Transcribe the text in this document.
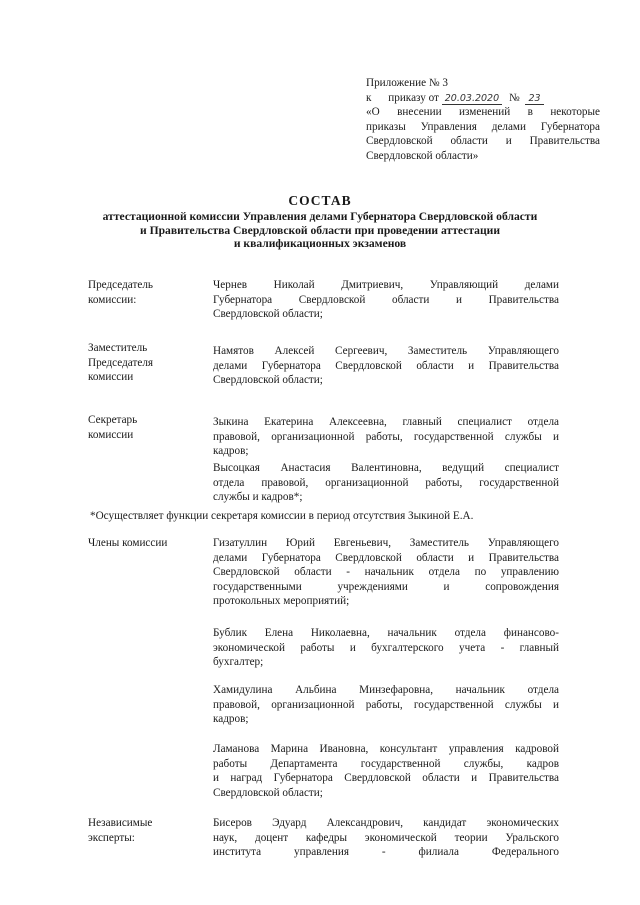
Приложение № 3
к приказу от 20.03.2020 № 23
«О внесении изменений в некоторые
приказы Управления делами Губернатора
Свердловской области и Правительства
Свердловской области»
СОСТАВ
аттестационной комиссии Управления делами Губернатора Свердловской области
и Правительства Свердловской области при проведении аттестации
и квалификационных экзаменов
Председатель
комиссии:
Чернев Николай Дмитриевич, Управляющий делами
Губернатора Свердловской области и Правительства
Свердловской области;
Заместитель
Председателя
комиссии
Намятов Алексей Сергеевич, Заместитель Управляющего
делами Губернатора Свердловской области и Правительства
Свердловской области;
Секретарь
комиссии
Зыкина Екатерина Алексеевна, главный специалист отдела
правовой, организационной работы, государственной службы и
кадров;
Высоцкая Анастасия Валентиновна, ведущий специалист
отдела правовой, организационной работы, государственной
службы и кадров*;
*Осуществляет функции секретаря комиссии в период отсутствия Зыкиной Е.А.
Члены комиссии	Гизатуллин Юрий Евгеньевич, Заместитель Управляющего
делами Губернатора Свердловской области и Правительства
Свердловской области - начальник отдела по управлению
государственными учреждениями и сопровождения
протокольных мероприятий;
Бублик Елена Николаевна, начальник отдела финансово-
экономической работы и бухгалтерского учета - главный
бухгалтер;
Хамидулина Альбина Минзефаровна, начальник отдела
правовой, организационной работы, государственной службы и
кадров;
Ламанова Марина Ивановна, консультант управления кадровой
работы Департамента государственной службы, кадров
и наград Губернатора Свердловской области и Правительства
Свердловской области;
Независимые
эксперты:
Бисеров Эдуард Александрович, кандидат экономических
наук, доцент кафедры экономической теории Уральского
института управления - филиала Федерального
